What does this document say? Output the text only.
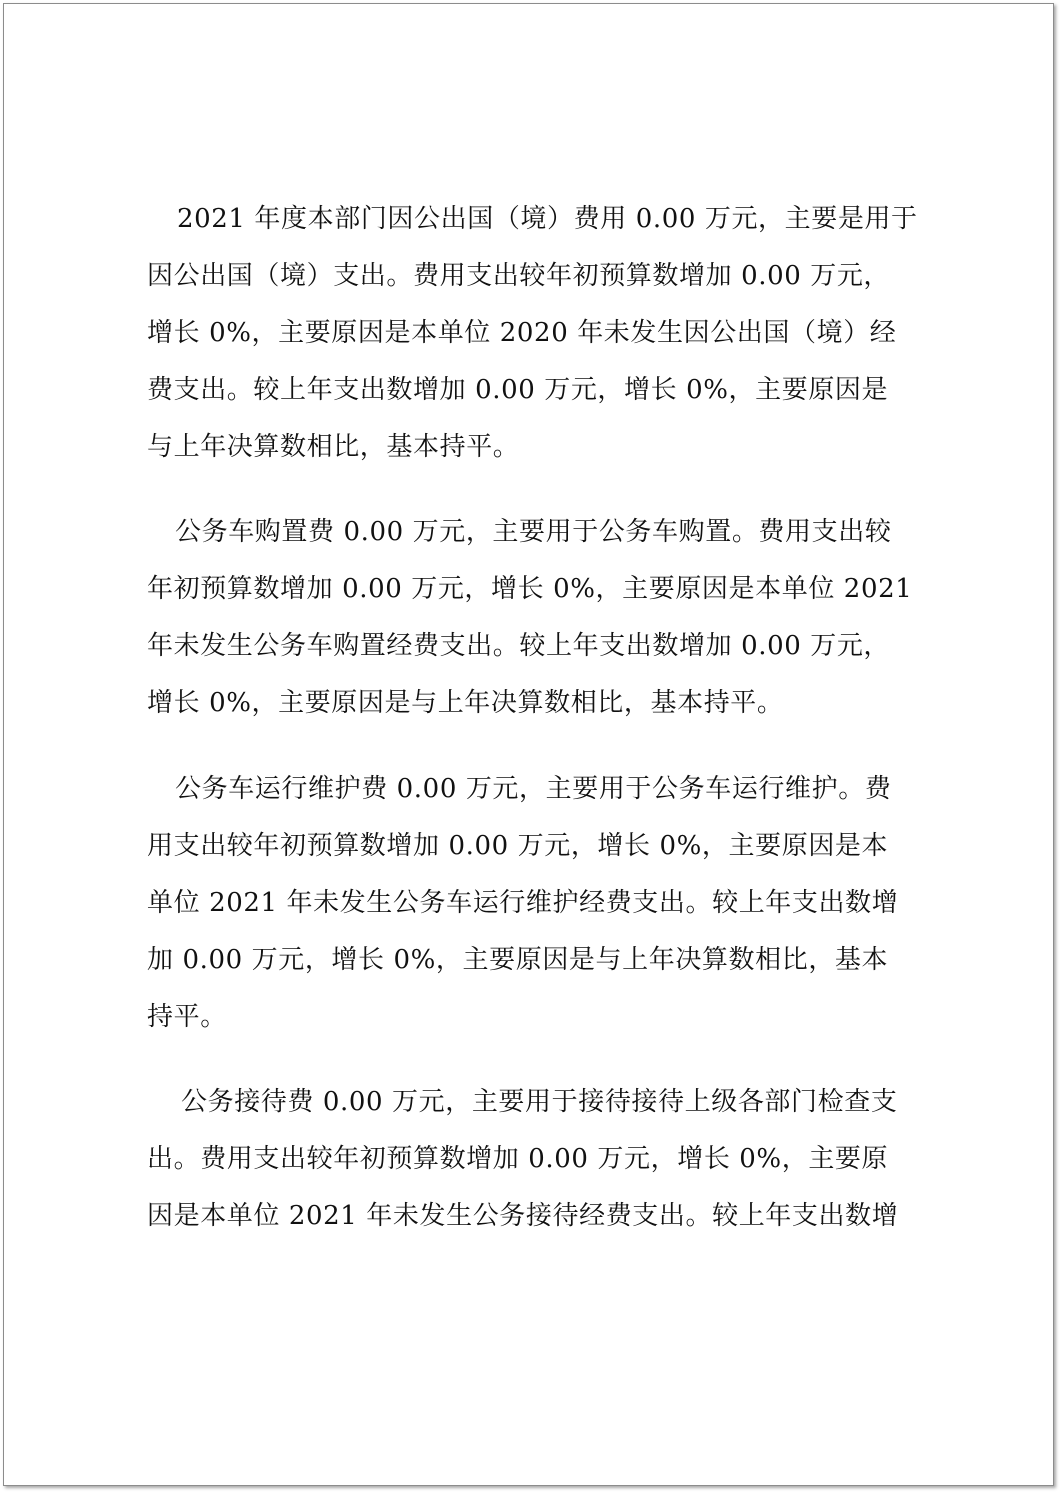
2021 年度本部门因公出国（境）费用 0.00 万元，主要是用于
因公出国（境）支出。费用支出较年初预算数增加 0.00 万元，
增长 0%，主要原因是本单位 2020 年未发生因公出国（境）经
费支出。较上年支出数增加 0.00 万元，增长 0%，主要原因是
与上年决算数相比，基本持平。
公务车购置费 0.00 万元，主要用于公务车购置。费用支出较
年初预算数增加 0.00 万元，增长 0%，主要原因是本单位 2021
年未发生公务车购置经费支出。较上年支出数增加 0.00 万元，
增长 0%，主要原因是与上年决算数相比，基本持平。
公务车运行维护费 0.00 万元，主要用于公务车运行维护。费
用支出较年初预算数增加 0.00 万元，增长 0%，主要原因是本
单位 2021 年未发生公务车运行维护经费支出。较上年支出数增
加 0.00 万元，增长 0%，主要原因是与上年决算数相比，基本
持平。
公务接待费 0.00 万元，主要用于接待接待上级各部门检查支
出。费用支出较年初预算数增加 0.00 万元，增长 0%，主要原
因是本单位 2021 年未发生公务接待经费支出。较上年支出数增
